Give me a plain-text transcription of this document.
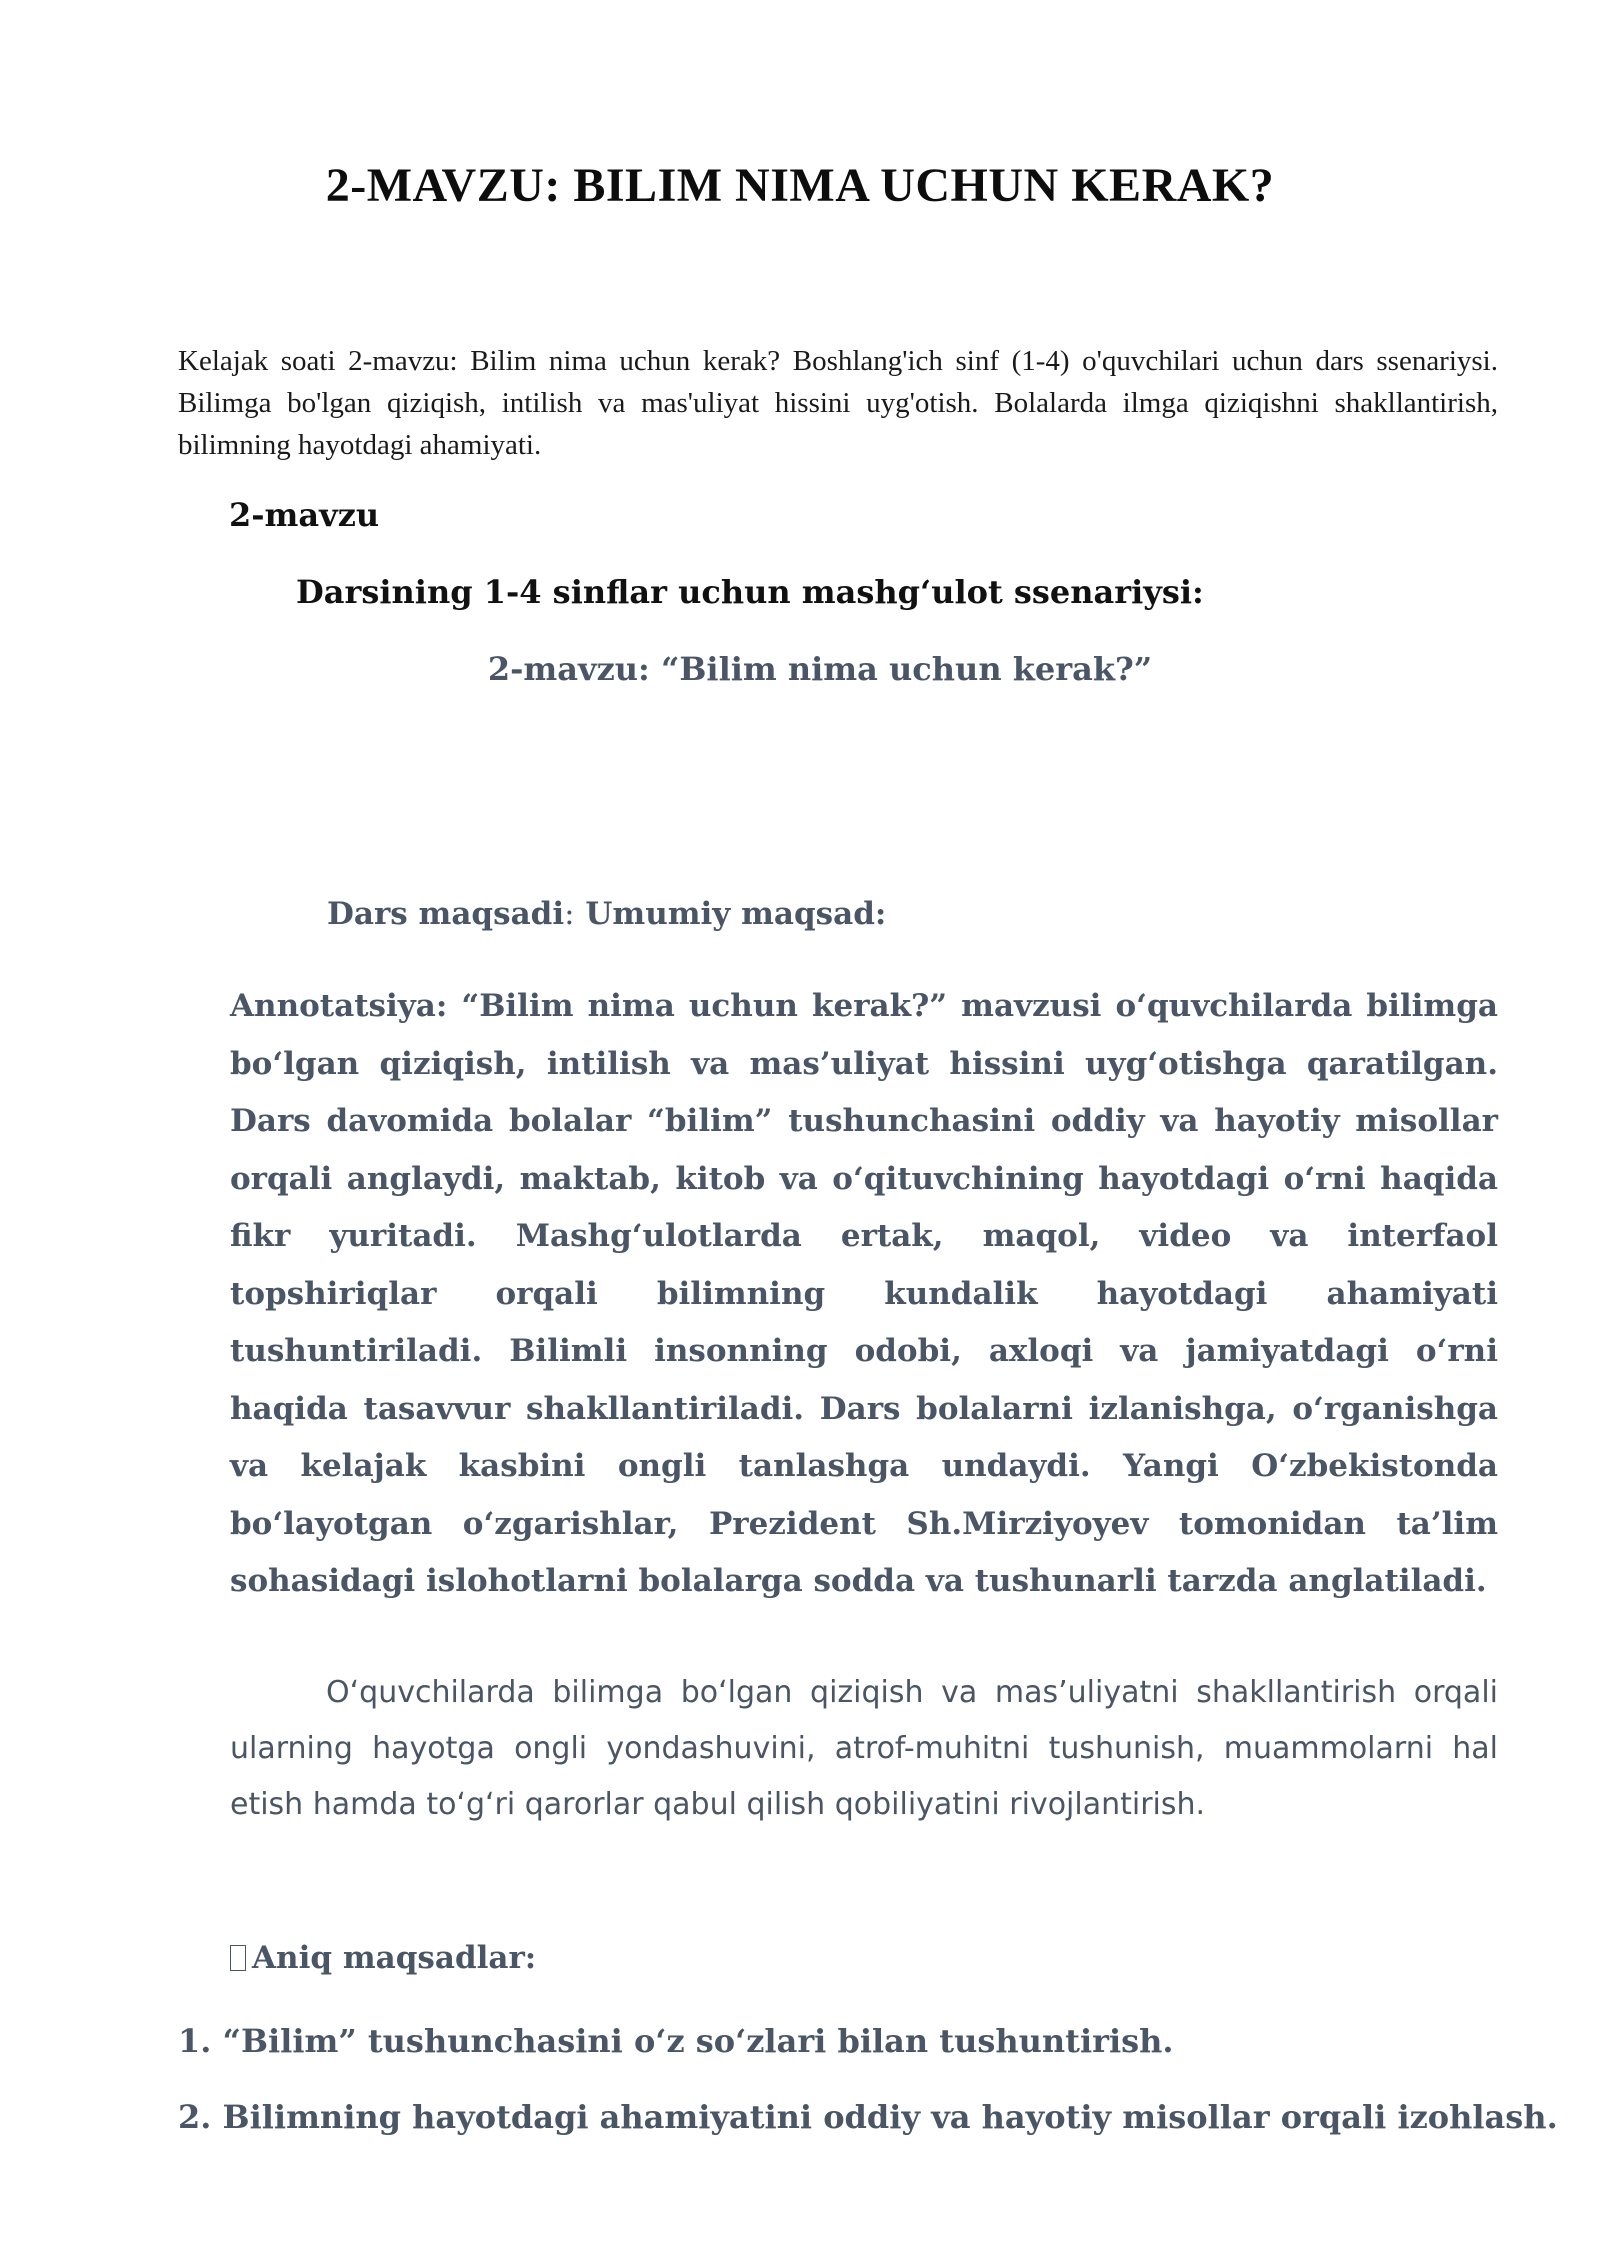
2-MAVZU: BILIM NIMA UCHUN KERAK?

Kelajak soati 2-mavzu: Bilim nima uchun kerak? Boshlang'ich sinf (1-4) o'quvchilari uchun dars ssenariysi. Bilimga bo'lgan qiziqish, intilish va mas'uliyat hissini uyg'otish. Bolalarda ilmga qiziqishni shakllantirish, bilimning hayotdagi ahamiyati.

2-mavzu
Darsining 1-4 sinflar uchun mashg‘ulot ssenariysi:
2-mavzu: “Bilim nima uchun kerak?”

Dars maqsadi: Umumiy maqsad:

Annotatsiya: “Bilim nima uchun kerak?” mavzusi o‘quvchilarda bilimga bo‘lgan qiziqish, intilish va mas’uliyat hissini uyg‘otishga qaratilgan. Dars davomida bolalar “bilim” tushunchasini oddiy va hayotiy misollar orqali anglaydi, maktab, kitob va o‘qituvchining hayotdagi o‘rni haqida fikr yuritadi. Mashg‘ulotlarda ertak, maqol, video va interfaol topshiriqlar orqali bilimning kundalik hayotdagi ahamiyati tushuntiriladi. Bilimli insonning odobi, axloqi va jamiyatdagi o‘rni haqida tasavvur shakllantiriladi. Dars bolalarni izlanishga, o‘rganishga va kelajak kasbini ongli tanlashga undaydi. Yangi O‘zbekistonda bo‘layotgan o‘zgarishlar, Prezident Sh.Mirziyoyev tomonidan ta’lim sohasidagi islohotlarni bolalarga sodda va tushunarli tarzda anglatiladi.

O‘quvchilarda bilimga bo‘lgan qiziqish va mas’uliyatni shakllantirish orqali ularning hayotga ongli yondashuvini, atrof-muhitni tushunish, muammolarni hal etish hamda to‘g‘ri qarorlar qabul qilish qobiliyatini rivojlantirish.

Aniq maqsadlar:

1. “Bilim” tushunchasini o‘z so‘zlari bilan tushuntirish.

2. Bilimning hayotdagi ahamiyatini oddiy va hayotiy misollar orqali izohlash.
